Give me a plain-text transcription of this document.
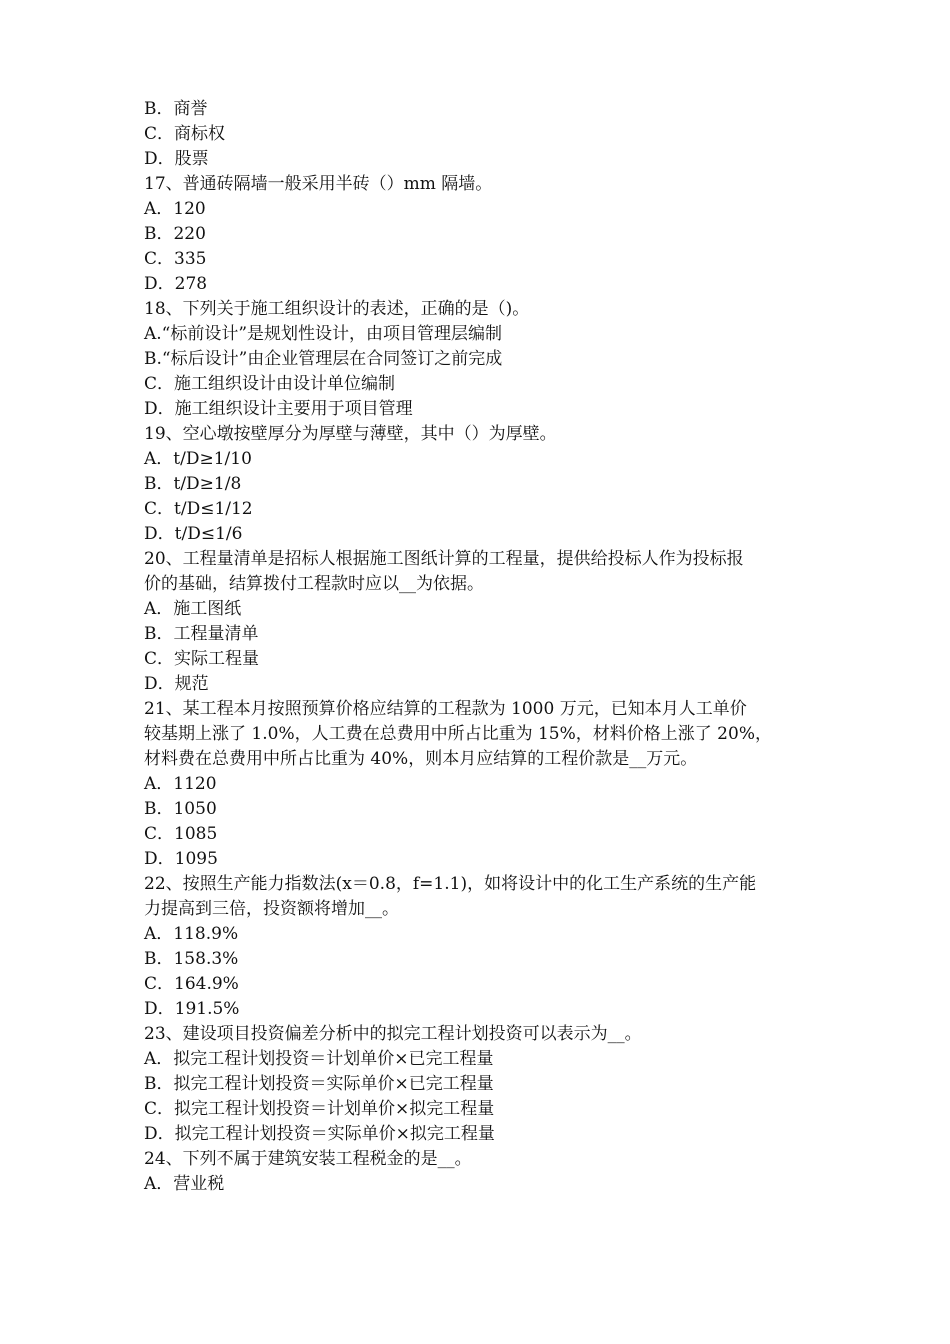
B．商誉
C．商标权
D．股票
17、普通砖隔墙一般采用半砖（）mm 隔墙。
A．120
B．220
C．335
D．278
18、下列关于施工组织设计的表述，正确的是（)。
A.“标前设计”是规划性设计，由项目管理层编制
B.“标后设计”由企业管理层在合同签订之前完成
C．施工组织设计由设计单位编制
D．施工组织设计主要用于项目管理
19、空心墩按壁厚分为厚壁与薄壁，其中（）为厚壁。
A．t/D≥1/10
B．t/D≥1/8
C．t/D≤1/12
D．t/D≤1/6
20、工程量清单是招标人根据施工图纸计算的工程量，提供给投标人作为投标报
价的基础，结算拨付工程款时应以__为依据。
A．施工图纸
B．工程量清单
C．实际工程量
D．规范
21、某工程本月按照预算价格应结算的工程款为 1000 万元，已知本月人工单价
较基期上涨了 1.0%，人工费在总费用中所占比重为 15%，材料价格上涨了 20%，
材料费在总费用中所占比重为 40%，则本月应结算的工程价款是__万元。
A．1120
B．1050
C．1085
D．1095
22、按照生产能力指数法(x＝0.8，f=1.1)，如将设计中的化工生产系统的生产能
力提高到三倍，投资额将增加__。
A．118.9%
B．158.3%
C．164.9%
D．191.5%
23、建设项目投资偏差分析中的拟完工程计划投资可以表示为__。
A．拟完工程计划投资＝计划单价×已完工程量
B．拟完工程计划投资＝实际单价×已完工程量
C．拟完工程计划投资＝计划单价×拟完工程量
D．拟完工程计划投资＝实际单价×拟完工程量
24、下列不属于建筑安装工程税金的是__。
A．营业税
